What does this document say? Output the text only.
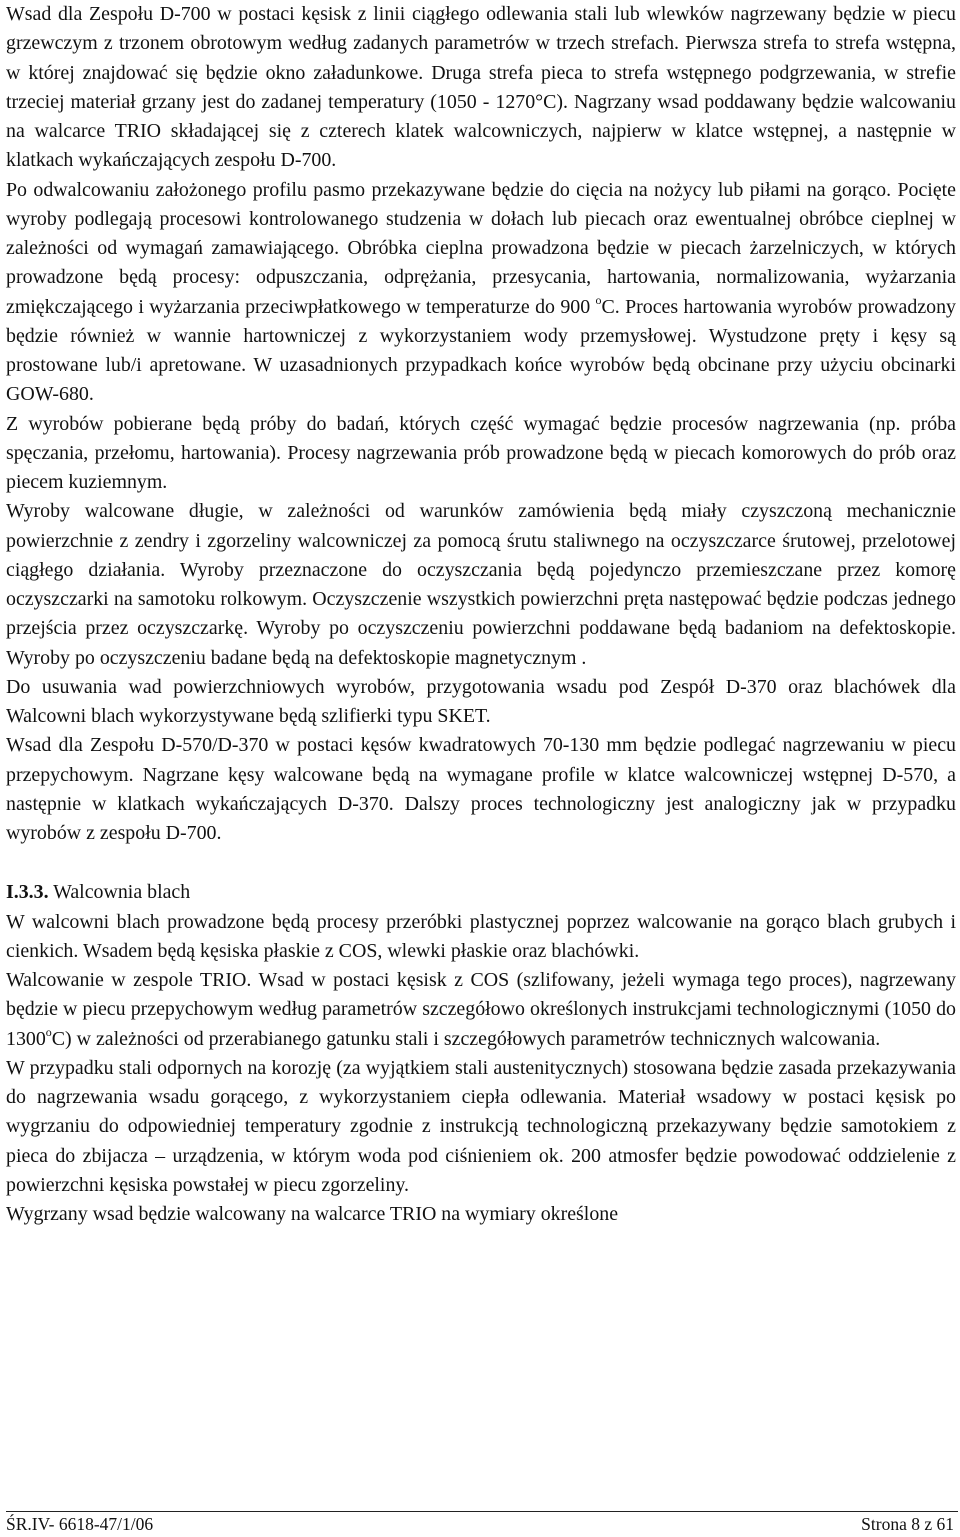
Wsad dla Zespołu D-700 w postaci kęsisk z linii ciągłego odlewania stali lub wlewków nagrzewany będzie w piecu grzewczym z trzonem obrotowym według zadanych parametrów w trzech strefach. Pierwsza strefa to strefa wstępna, w której znajdować się będzie okno załadunkowe. Druga strefa pieca to strefa wstępnego podgrzewania, w strefie trzeciej materiał grzany jest do zadanej temperatury (1050 - 1270°C). Nagrzany wsad poddawany będzie walcowaniu na walcarce TRIO składającej się z czterech klatek walcowniczych, najpierw w klatce wstępnej, a następnie w klatkach wykańczających zespołu D-700.

Po odwalcowaniu założonego profilu pasmo przekazywane będzie do cięcia na nożycy lub piłami na gorąco. Pocięte wyroby podlegają procesowi kontrolowanego studzenia w dołach lub piecach oraz ewentualnej obróbce cieplnej w zależności od wymagań zamawiającego. Obróbka cieplna prowadzona będzie w piecach żarzelniczych, w których prowadzone będą procesy: odpuszczania, odprężania, przesycania, hartowania, normalizowania, wyżarzania zmiękczającego i wyżarzania przeciwpłatkowego w temperaturze do 900 $^o$C. Proces hartowania wyrobów prowadzony będzie również w wannie hartowniczej z wykorzystaniem wody przemysłowej. Wystudzone pręty i kęsy są prostowane lub/i apretowane. W uzasadnionych przypadkach końce wyrobów będą obcinane przy użyciu obcinarki GOW-680.

Z wyrobów pobierane będą próby do badań, których część wymagać będzie procesów nagrzewania (np. próba spęczania, przełomu, hartowania). Procesy nagrzewania prób prowadzone będą w piecach komorowych do prób oraz piecem kuziemnym.

Wyroby walcowane długie, w zależności od warunków zamówienia będą miały czyszczoną mechanicznie powierzchnie z zendry i zgorzeliny walcowniczej za pomocą śrutu staliwnego na oczyszczarce śrutowej, przelotowej ciągłego działania. Wyroby przeznaczone do oczyszczania będą pojedynczo przemieszczane przez komorę oczyszczarki na samotoku rolkowym. Oczyszczenie wszystkich powierzchni pręta następować będzie podczas jednego przejścia przez oczyszczarkę. Wyroby po oczyszczeniu powierzchni poddawane będą badaniom na defektoskopie. Wyroby po oczyszczeniu badane będą na defektoskopie magnetycznym .

Do usuwania wad powierzchniowych wyrobów, przygotowania wsadu pod Zespół D-370 oraz blachówek dla Walcowni blach wykorzystywane będą szlifierki typu SKET.

Wsad dla Zespołu D-570/D-370 w postaci kęsów kwadratowych 70-130 mm będzie podlegać nagrzewaniu w piecu przepychowym. Nagrzane kęsy walcowane będą na wymagane profile w klatce walcowniczej wstępnej D-570, a następnie w klatkach wykańczających D-370. Dalszy proces technologiczny jest analogiczny jak w przypadku wyrobów z zespołu D-700.

I.3.3. Walcownia blach

W walcowni blach prowadzone będą procesy przeróbki plastycznej poprzez walcowanie na gorąco blach grubych i cienkich. Wsadem będą kęsiska płaskie z COS, wlewki płaskie oraz blachówki.

Walcowanie w zespole TRIO. Wsad w postaci kęsisk z COS (szlifowany, jeżeli wymaga tego proces), nagrzewany będzie w piecu przepychowym według parametrów szczegółowo określonych instrukcjami technologicznymi (1050 do 1300$^o$C) w zależności od przerabianego gatunku stali i szczegółowych parametrów technicznych walcowania.

W przypadku stali odpornych na korozję (za wyjątkiem stali austenitycznych) stosowana będzie zasada przekazywania do nagrzewania wsadu gorącego, z wykorzystaniem ciepła odlewania. Materiał wsadowy w postaci kęsisk po wygrzaniu do odpowiedniej temperatury zgodnie z instrukcją technologiczną przekazywany będzie samotokiem z pieca do zbijacza – urządzenia, w którym woda pod ciśnieniem ok. 200 atmosfer będzie powodować oddzielenie z powierzchni kęsiska powstałej w piecu zgorzeliny.

Wygrzany wsad będzie walcowany na walcarce TRIO na wymiary określone

ŚR.IV- 6618-47/1/06	Strona 8 z 61
